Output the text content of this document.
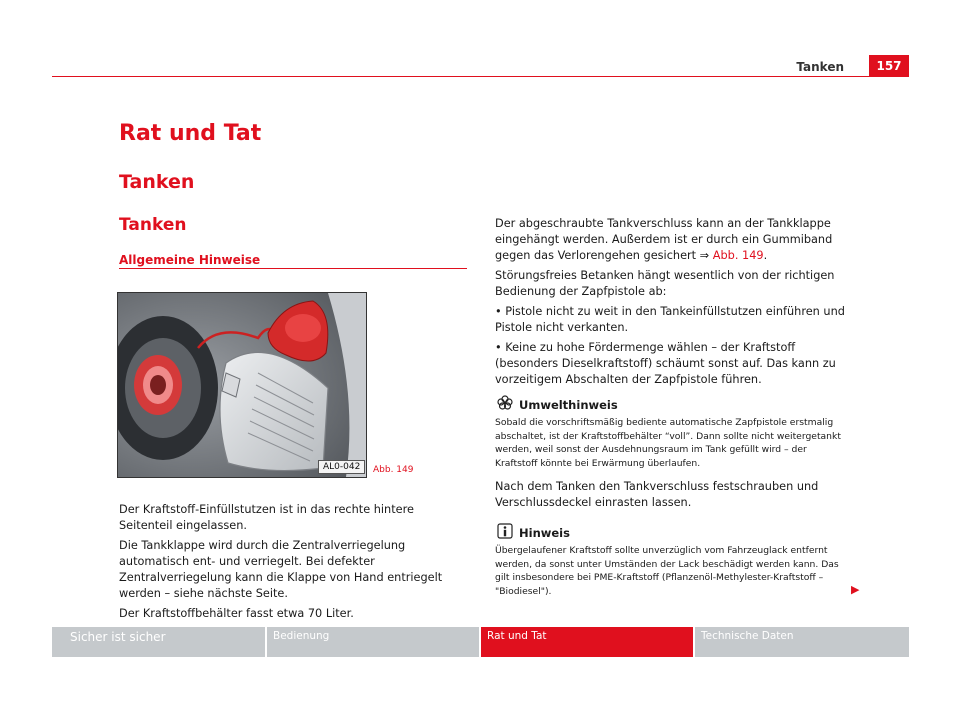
Tanken	157
Rat und Tat
Tanken
Tanken
Allgemeine Hinweise
AL0-042	Abb. 149

Der Kraftstoff-Einfüllstutzen ist in das rechte hintere Seitenteil eingelassen.

Die Tankklappe wird durch die Zentralverriegelung automatisch ent- und verriegelt. Bei defekter Zentralverriegelung kann die Klappe von Hand entriegelt werden – siehe nächste Seite.

Der Kraftstoffbehälter fasst etwa 70 Liter.

Der abgeschraubte Tankverschluss kann an der Tankklappe eingehängt werden. Außerdem ist er durch ein Gummiband gegen das Verlorengehen gesichert ⇒ Abb. 149.

Störungsfreies Betanken hängt wesentlich von der richtigen Bedienung der Zapfpistole ab:

• Pistole nicht zu weit in den Tankeinfüllstutzen einführen und Pistole nicht verkanten.

• Keine zu hohe Fördermenge wählen – der Kraftstoff (besonders Dieselkraftstoff) schäumt sonst auf. Das kann zu vorzeitigem Abschalten der Zapfpistole führen.

Umwelthinweis
Sobald die vorschriftsmäßig bediente automatische Zapfpistole erstmalig abschaltet, ist der Kraftstoffbehälter “voll”. Dann sollte nicht weitergetankt werden, weil sonst der Ausdehnungsraum im Tank gefüllt wird – der Kraftstoff könnte bei Erwärmung überlaufen.

Nach dem Tanken den Tankverschluss festschrauben und Verschlussdeckel einrasten lassen.

Hinweis
Übergelaufener Kraftstoff sollte unverzüglich vom Fahrzeuglack entfernt werden, da sonst unter Umständen der Lack beschädigt werden kann. Das gilt insbesondere bei PME-Kraftstoff (Pflanzenöl-Methylester-Kraftstoff – "Biodiesel").	▶
Sicher ist sicher	Bedienung	Rat und Tat	Technische Daten
